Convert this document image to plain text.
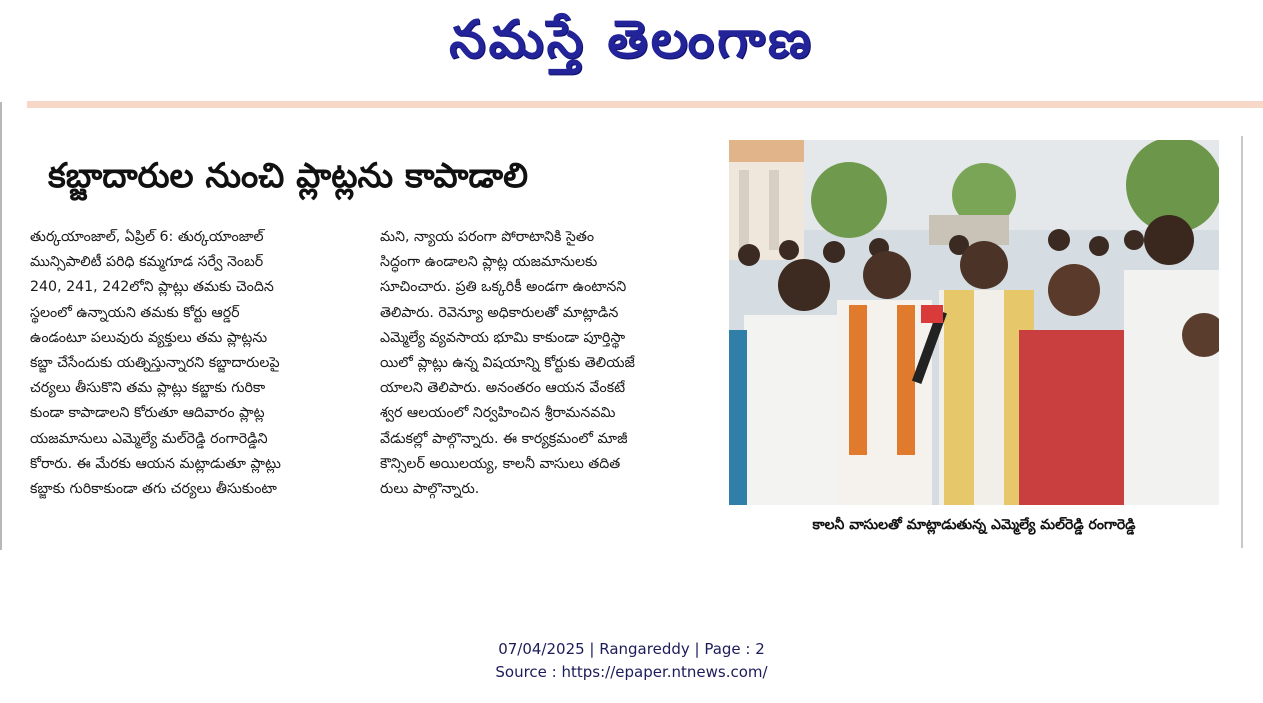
నమస్తే తెలంగాణ
కబ్జాదారుల నుంచి ప్లాట్లను కాపాడాలి
తుర్కయాంజాల్, ఏప్రిల్ 6: తుర్కయాంజాల్
మున్సిపాలిటీ పరిధి కమ్మగూడ సర్వే నెంబర్
240, 241, 242లోని ప్లాట్లు తమకు చెందిన
స్థలంలో ఉన్నాయని తమకు కోర్టు ఆర్డర్
ఉండంటూ పలువురు వ్యక్తులు తమ ప్లాట్లను
కబ్జా చేసేందుకు యత్నిస్తున్నారని కబ్జాదారులపై
చర్యలు తీసుకొని తమ ప్లాట్లు కబ్జాకు గురికా
కుండా కాపాడాలని కోరుతూ ఆదివారం ప్లాట్ల
యజమానులు ఎమ్మెల్యే మల్‌రెడ్డి రంగారెడ్డిని
కోరారు. ఈ మేరకు ఆయన మట్లాడుతూ ప్లాట్లు
కబ్జాకు గురికాకుండా తగు చర్యలు తీసుకుంటా
మని, న్యాయ పరంగా పోరాటానికి సైతం
సిద్ధంగా ఉండాలని ప్లాట్ల యజమానులకు
సూచించారు. ప్రతి ఒక్కరికీ అండగా ఉంటానని
తెలిపారు. రెవెన్యూ అధికారులతో మాట్లాడిన
ఎమ్మెల్యే వ్యవసాయ భూమి కాకుండా పూర్తిస్థా
యిలో ప్లాట్లు ఉన్న విషయాన్ని కోర్టుకు తెలియజే
యాలని తెలిపారు. అనంతరం ఆయన వేంకటే
శ్వర ఆలయంలో నిర్వహించిన శ్రీరామనవమి
వేడుకల్లో పాల్గొన్నారు. ఈ కార్యక్రమంలో మాజీ
కౌన్సిలర్ అయిలయ్య, కాలనీ వాసులు తదిత
రులు పాల్గొన్నారు.
కాలనీ వాసులతో మాట్లాడుతున్న ఎమ్మెల్యే మల్‌రెడ్డి రంగారెడ్డి
07/04/2025 | Rangareddy | Page : 2
Source : https://epaper.ntnews.com/
